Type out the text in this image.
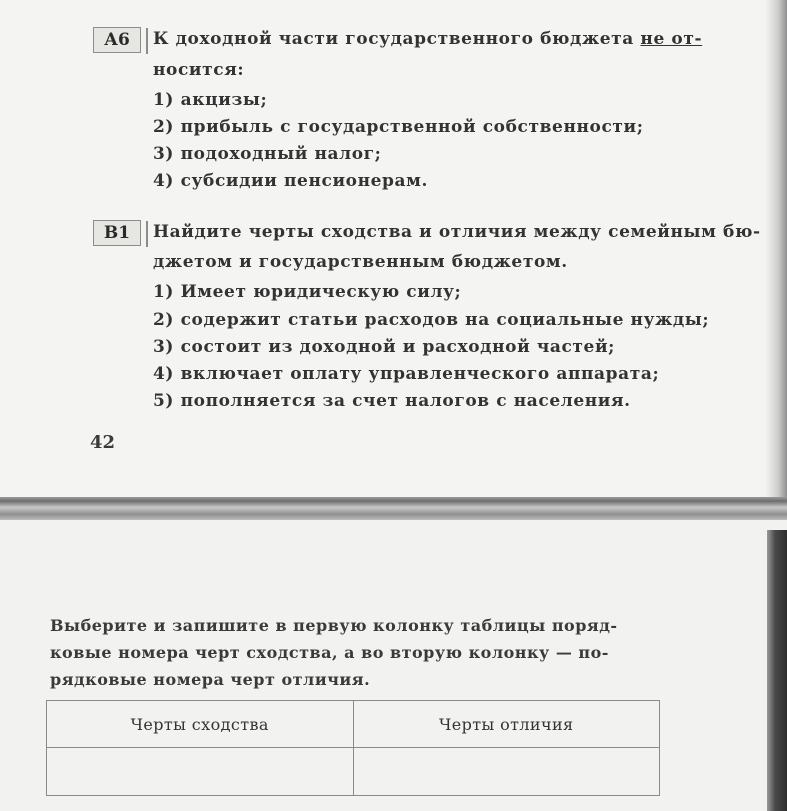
А6	К доходной части государственного бюджета не от-
носится:
1) акцизы;
2) прибыль с государственной собственности;
3) подоходный налог;
4) субсидии пенсионерам.
В1	Найдите черты сходства и отличия между семейным бю-
джетом и государственным бюджетом.
1) Имеет юридическую силу;
2) содержит статьи расходов на социальные нужды;
3) состоит из доходной и расходной частей;
4) включает оплату управленческого аппарата;
5) пополняется за счет налогов с населения.
42
Выберите и запишите в первую колонку таблицы поряд-
ковые номера черт сходства, а во вторую колонку — по-
рядковые номера черт отличия.
Черты сходства	Черты отличия
